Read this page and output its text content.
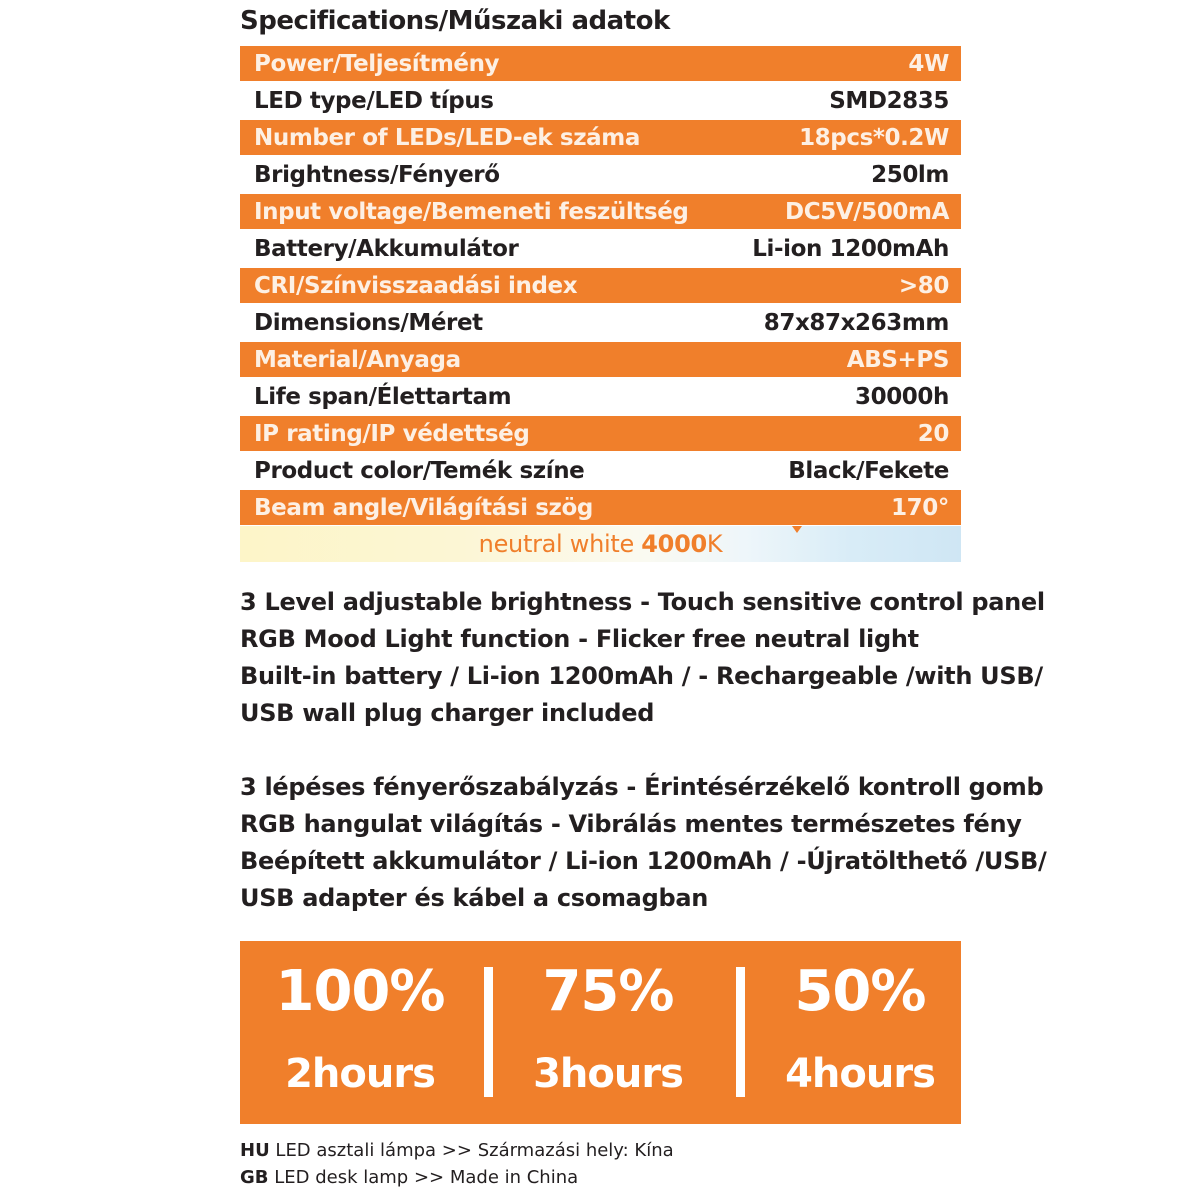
Specifications/Műszaki adatok
Power/Teljesítmény	4W
LED type/LED típus	SMD2835
Number of LEDs/LED-ek száma	18pcs*0.2W
Brightness/Fényerő	250lm
Input voltage/Bemeneti feszültség	DC5V/500mA
Battery/Akkumulátor	Li-ion 1200mAh
CRI/Színvisszaadási index	>80
Dimensions/Méret	87x87x263mm
Material/Anyaga	ABS+PS
Life span/Élettartam	30000h
IP rating/IP védettség	20
Product color/Temék színe	Black/Fekete
Beam angle/Világítási szög	170°
neutral white 4000K
3 Level adjustable brightness - Touch sensitive control panel
RGB Mood Light function - Flicker free neutral light
Built-in battery / Li-ion 1200mAh / - Rechargeable /with USB/
USB wall plug charger included
3 lépéses fényerőszabályzás - Érintésérzékelő kontroll gomb
RGB hangulat világítás - Vibrálás mentes természetes fény
Beépített akkumulátor / Li-ion 1200mAh / -Újratölthető /USB/
USB adapter és kábel a csomagban
100%
2hours
75%
3hours
50%
4hours
HU LED asztali lámpa >> Származási hely: Kína
GB LED desk lamp >> Made in China
